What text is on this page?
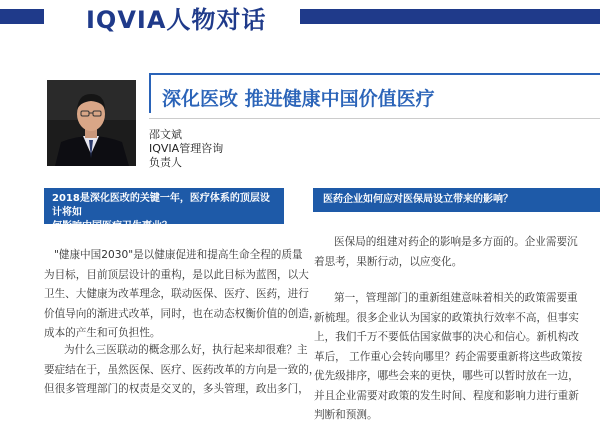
IQVIA人物对话
深化医改 推进健康中国价值医疗
邵文斌
IQVIA管理咨询
负责人
2018是深化医改的关键一年，医疗体系的顶层设计将如
何影响中国医疗卫生事业？
"健康中国2030"是以健康促进和提高生命全程的质量
为目标，目前顶层设计的重构，是以此目标为蓝图，以大
卫生、大健康为改革理念，联动医保、医疗、医药，进行
价值导向的渐进式改革，同时，也在动态权衡价值的创造，
成本的产生和可负担性。
为什么三医联动的概念那么好，执行起来却很难？主
要症结在于，虽然医保、医疗、医药改革的方向是一致的，
但很多管理部门的权责是交叉的，多头管理，政出多门，
医药企业如何应对医保局设立带来的影响？
医保局的组建对药企的影响是多方面的。企业需要沉
着思考，果断行动，以应变化。
第一，管理部门的重新组建意味着相关的政策需要重
新梳理。很多企业认为国家的政策执行效率不高，但事实
上，我们千万不要低估国家做事的决心和信心。新机构改
革后， 工作重心会转向哪里？药企需要重新将这些政策按
优先级排序，哪些会来的更快，哪些可以暂时放在一边，
并且企业需要对政策的发生时间、程度和影响力进行重新
判断和预测。
